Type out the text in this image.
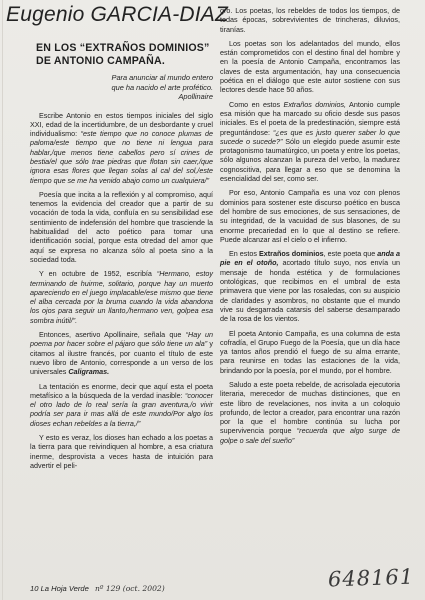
Eugenio GARCIA-DIAZ
EN LOS “EXTRAÑOS DOMINIOS”
DE ANTONIO CAMPAÑA.
Para anunciar al mundo entero
que ha nacido el arte profético.
Apollinaire

Escribe Antonio en estos tiempos iniciales del siglo XXI, edad de la incertidumbre, de un desbordante y cruel individualismo: “este tiempo que no conoce plumas de paloma/este tiempo que no tiene ni lengua para hablar,/que menos tiene cabellos pero sí crines de bestia/el que sólo trae piedras que flotan sin caer,/que ignora esas flores que llegan solas al cal del sol,/este tiempo que se me ha venido abajo como un cualquiera/”

Poesía que incita a la reflexión y al compromiso, aquí tenemos la evidencia del creador que a partir de su vocación de toda la vida, confluía en su sensibilidad ese sentimiento de indefensión del hombre que trasciende la habitualidad del acto poético para tomar una identificación social, porque esta otredad del amor que aquí se expresa no alcanza sólo al poeta sino a la sociedad toda.

Y en octubre de 1952, escribía “Hermano, estoy terminando de huirme, solitario, porque hay un muerto apareciendo en el juego implacable/ese mismo que tiene el alba cercada por la bruma cuando la vida abandona los ojos para seguir un llanto,/hermano ven, golpea esa sombra inútil/”.

Entonces, asertivo Apollinaire, señala que “Hay un poema por hacer sobre el pájaro que sólo tiene un ala” y citamos al ilustre francés, por cuanto el título de este nuevo libro de Antonio, corresponde a un verso de los universales Caligramas.

La tentación es enorme, decir que aquí esta el poeta metafísico a la búsqueda de la verdad inasible: “conocer el otro lado de lo real sería la gran aventura,/o vivir podría ser para ir mas allá de este mundo/Por algo los dioses echan rebeldes a la tierra,/”

Y esto es veraz, los dioses han echado a los poetas a la tierra para que reivindiquen al hombre, a esa criatura inerme, desprovista a veces hasta de intuición para advertir el peli-

gro. Los poetas, los rebeldes de todos los tiempos, de todas épocas, sobrevivientes de trincheras, diluvios, tiranías.

Los poetas son los adelantados del mundo, ellos están comprometidos con el destino final del hombre y en la poesía de Antonio Campaña, encontramos las claves de esta argumentación, hay una consecuencia poética en el diálogo que este autor sostiene con sus lectores desde hace 50 años.

Como en estos Extraños dominios, Antonio cumple esa misión que ha marcado su oficio desde sus pasos iniciales. Es el poeta de la predestinación, siempre está preguntándose: “¿es que es justo querer saber lo que sucede o sucede?” Sólo un elegido puede asumir este protagonismo taumatúrgico, un poeta y entre los poetas, sólo algunos alcanzan la pureza del verbo, la madurez cognoscitiva, para llegar a eso que se denomina la esencialidad del ser, como ser.

Por eso, Antonio Campaña es una voz con plenos dominios para sostener este discurso poético en busca del hombre de sus emociones, de sus sensaciones, de su integridad, de la vacuidad de sus blasones, de su enorme precariedad en lo que al destino se refiere. Puede alcanzar así el cielo o el infierno.

En estos Extraños dominios, este poeta que anda a pie en el otoño, acortado título suyo, nos envía un mensaje de honda estética y de formulaciones ontológicas, que recibimos en el umbral de esta primavera que viene por las rosaledas, con su auspicio de claridades y asombros, no obstante que el mundo vive su desgarrada catarsis del saberse desamparado de la rosa de los vientos.

El poeta Antonio Campaña, es una columna de esta cofradía, el Grupo Fuego de la Poesía, que un día hace ya tantos años prendió el fuego de su alma errante, para reunirse en todas las estaciones de la vida, brindando por la poesía, por el mundo, por el hombre.

Saludo a este poeta rebelde, de acrisolada ejecutoria literaria, merecedor de muchas distinciones, que en este libro de revelaciones, nos invita a un coloquio profundo, de lector a creador, para encontrar una razón por la que el hombre continúa su lucha por supervivencia porque “recuerda que algo surge de golpe o sale del sueño”

10 La Hoja Verde nº 129 (oct. 2002)	648161
